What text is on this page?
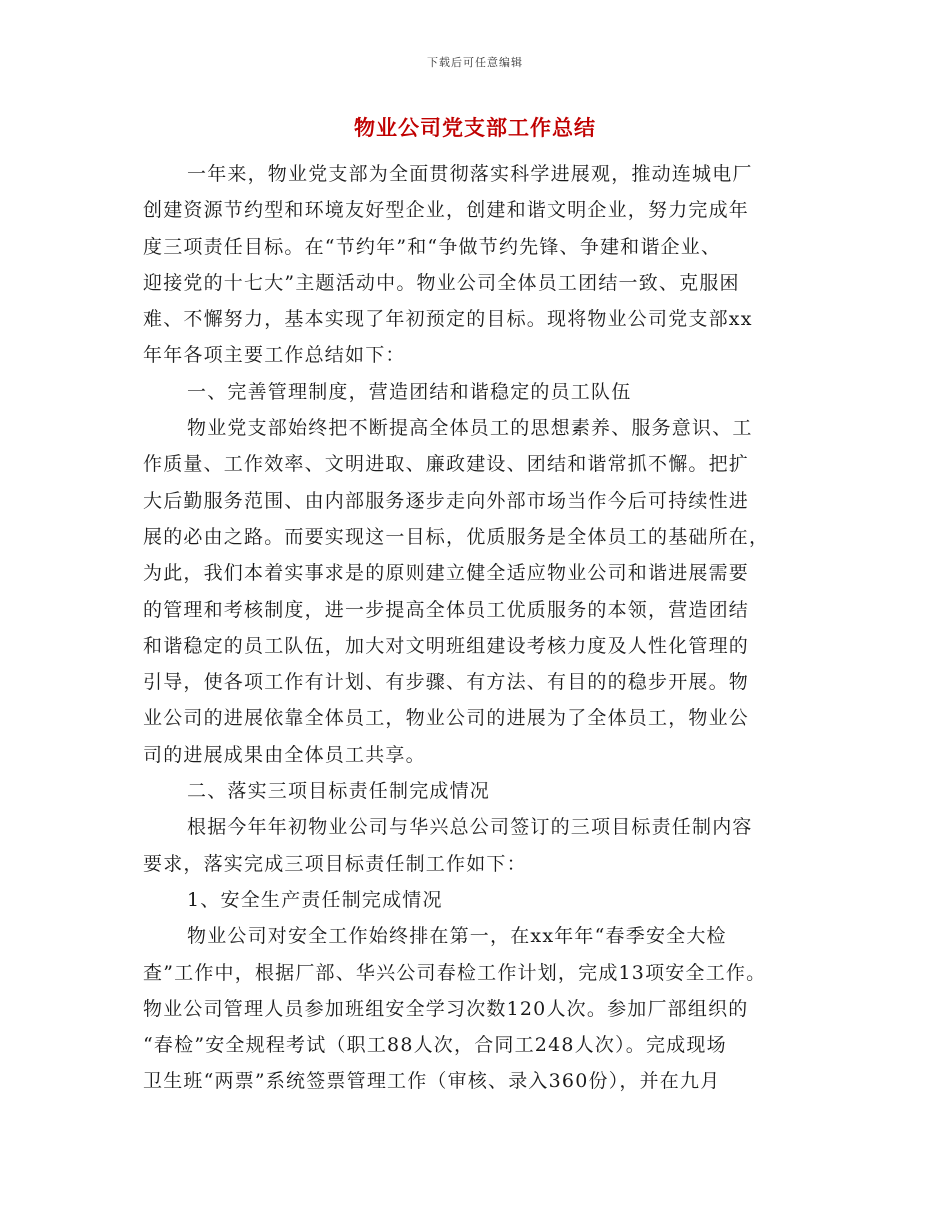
下载后可任意编辑
物业公司党支部工作总结
一年来，物业党支部为全面贯彻落实科学进展观，推动连城电厂
创建资源节约型和环境友好型企业，创建和谐文明企业，努力完成年
度三项责任目标。在“节约年”和“争做节约先锋、争建和谐企业、
迎接党的十七大”主题活动中。物业公司全体员工团结一致、克服困
难、不懈努力，基本实现了年初预定的目标。现将物业公司党支部xx
年年各项主要工作总结如下：
一、完善管理制度，营造团结和谐稳定的员工队伍
物业党支部始终把不断提高全体员工的思想素养、服务意识、工
作质量、工作效率、文明进取、廉政建设、团结和谐常抓不懈。把扩
大后勤服务范围、由内部服务逐步走向外部市场当作今后可持续性进
展的必由之路。而要实现这一目标，优质服务是全体员工的基础所在，
为此，我们本着实事求是的原则建立健全适应物业公司和谐进展需要
的管理和考核制度，进一步提高全体员工优质服务的本领，营造团结
和谐稳定的员工队伍，加大对文明班组建设考核力度及人性化管理的
引导，使各项工作有计划、有步骤、有方法、有目的的稳步开展。物
业公司的进展依靠全体员工，物业公司的进展为了全体员工，物业公
司的进展成果由全体员工共享。
二、落实三项目标责任制完成情况
根据今年年初物业公司与华兴总公司签订的三项目标责任制内容
要求，落实完成三项目标责任制工作如下：
1、安全生产责任制完成情况
物业公司对安全工作始终排在第一，在xx年年“春季安全大检
查”工作中，根据厂部、华兴公司春检工作计划，完成13项安全工作。
物业公司管理人员参加班组安全学习次数120人次。参加厂部组织的
“春检”安全规程考试（职工88人次，合同工248人次）。完成现场
卫生班“两票”系统签票管理工作（审核、录入360份），并在九月
